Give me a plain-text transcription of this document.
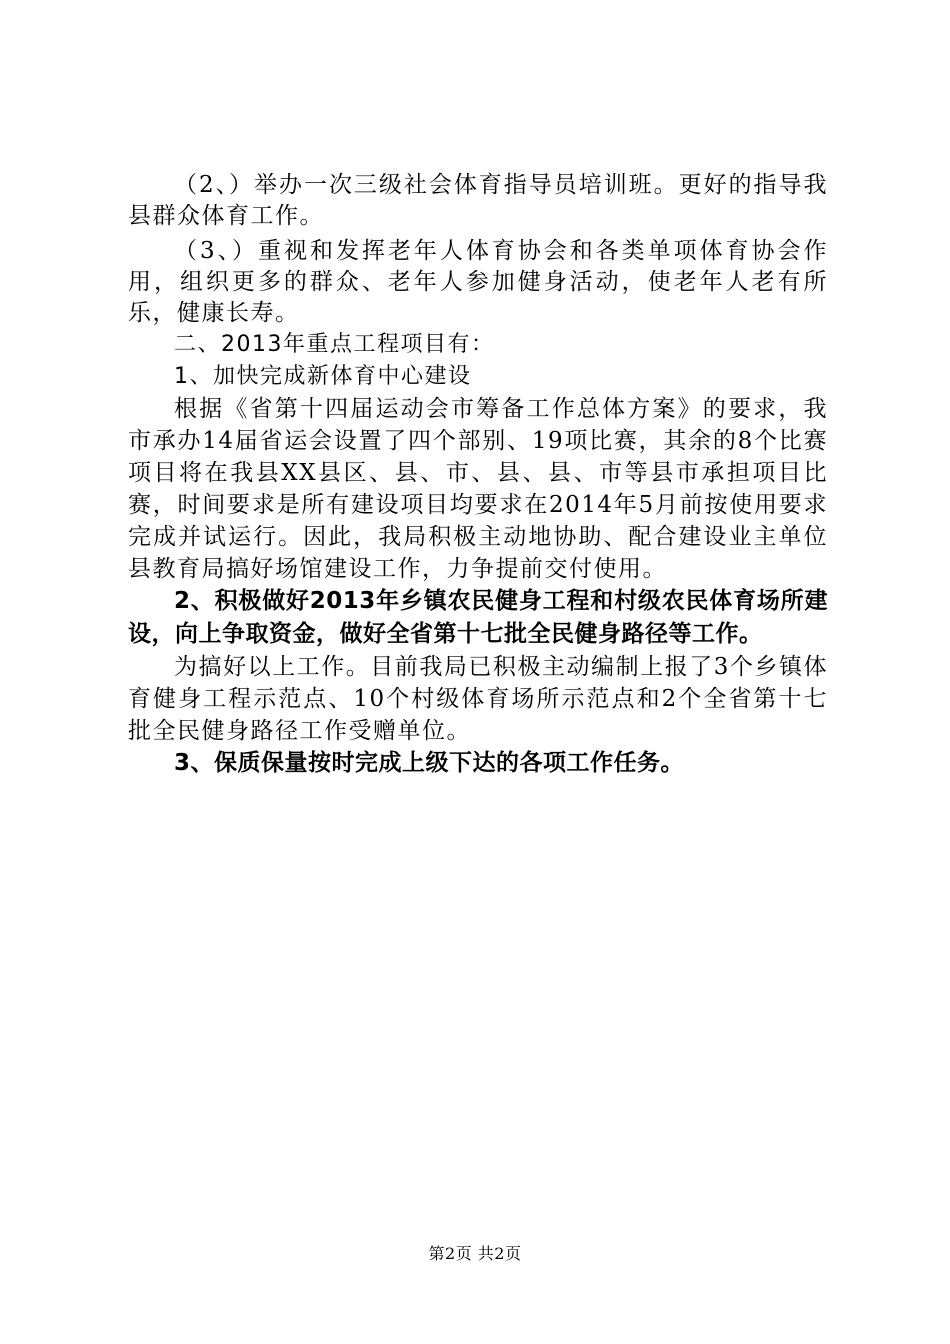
（2、）举办一次三级社会体育指导员培训班。更好的指导我县群众体育工作。

（3、）重视和发挥老年人体育协会和各类单项体育协会作用，组织更多的群众、老年人参加健身活动，使老年人老有所乐，健康长寿。

二、2013年重点工程项目有：

1、加快完成新体育中心建设

根据《省第十四届运动会市筹备工作总体方案》的要求，我市承办14届省运会设置了四个部别、19项比赛，其余的8个比赛项目将在我县XX县区、县、市、县、县、市等县市承担项目比赛，时间要求是所有建设项目均要求在2014年5月前按使用要求完成并试运行。因此，我局积极主动地协助、配合建设业主单位县教育局搞好场馆建设工作，力争提前交付使用。

2、积极做好2013年乡镇农民健身工程和村级农民体育场所建设，向上争取资金，做好全省第十七批全民健身路径等工作。

为搞好以上工作。目前我局已积极主动编制上报了3个乡镇体育健身工程示范点、10个村级体育场所示范点和2个全省第十七批全民健身路径工作受赠单位。

3、保质保量按时完成上级下达的各项工作任务。

第2页 共2页
